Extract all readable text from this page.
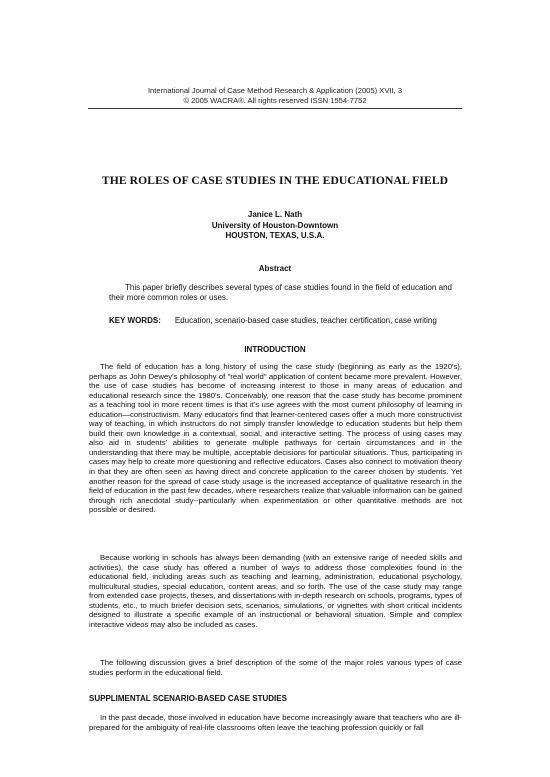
International Journal of Case Method Research & Application (2005) XVII, 3
© 2005 WACRA®. All rights reserved ISSN 1554-7752
THE ROLES OF CASE STUDIES IN THE EDUCATIONAL FIELD
Janice L. Nath
University of Houston-Downtown
HOUSTON, TEXAS, U.S.A.
Abstract

This paper briefly describes several types of case studies found in the field of education and their more common roles or uses.

KEY WORDS: Education, scenario-based case studies, teacher certification, case writing

INTRODUCTION

The field of education has a long history of using the case study (beginning as early as the 1920's), perhaps as John Dewey's philosophy of "real world" application of content became more prevalent. However, the use of case studies has become of increasing interest to those in many areas of education and educational research since the 1980's. Conceivably, one reason that the case study has become prominent as a teaching tool in more recent times is that it's use agrees with the most current philosophy of learning in education—constructivism. Many educators find that learner-centered cases offer a much more constructivist way of teaching, in which instructors do not simply transfer knowledge to education students but help them build their own knowledge in a contextual, social, and interactive setting. The process of using cases may also aid in students' abilities to generate multiple pathways for certain circumstances and in the understanding that there may be multiple, acceptable decisions for particular situations. Thus, participating in cases may help to create more questioning and reflective educators. Cases also connect to motivation theory in that they are often seen as having direct and concrete application to the career chosen by students. Yet another reason for the spread of case study usage is the increased acceptance of qualitative research in the field of education in the past few decades, where researchers realize that valuable information can be gained through rich anecdotal study--particularly when experimentation or other quantitative methods are not possible or desired.

Because working in schools has always been demanding (with an extensive range of needed skills and activities), the case study has offered a number of ways to address those complexities found in the educational field, including areas such as teaching and learning, administration, educational psychology, multicultural studies, special education, content areas, and so forth. The use of the case study may range from extended case projects, theses, and dissertations with in-depth research on schools, programs, types of students, etc., to much briefer decision sets, scenarios, simulations, or vignettes with short critical incidents designed to illustrate a specific example of an instructional or behavioral situation. Simple and complex interactive videos may also be included as cases.

The following discussion gives a brief description of the some of the major roles various types of case studies perform in the educational field.

SUPPLIMENTAL SCENARIO-BASED CASE STUDIES

In the past decade, those involved in education have become increasingly aware that teachers who are ill-prepared for the ambiguity of real-life classrooms often leave the teaching profession quickly or fall
